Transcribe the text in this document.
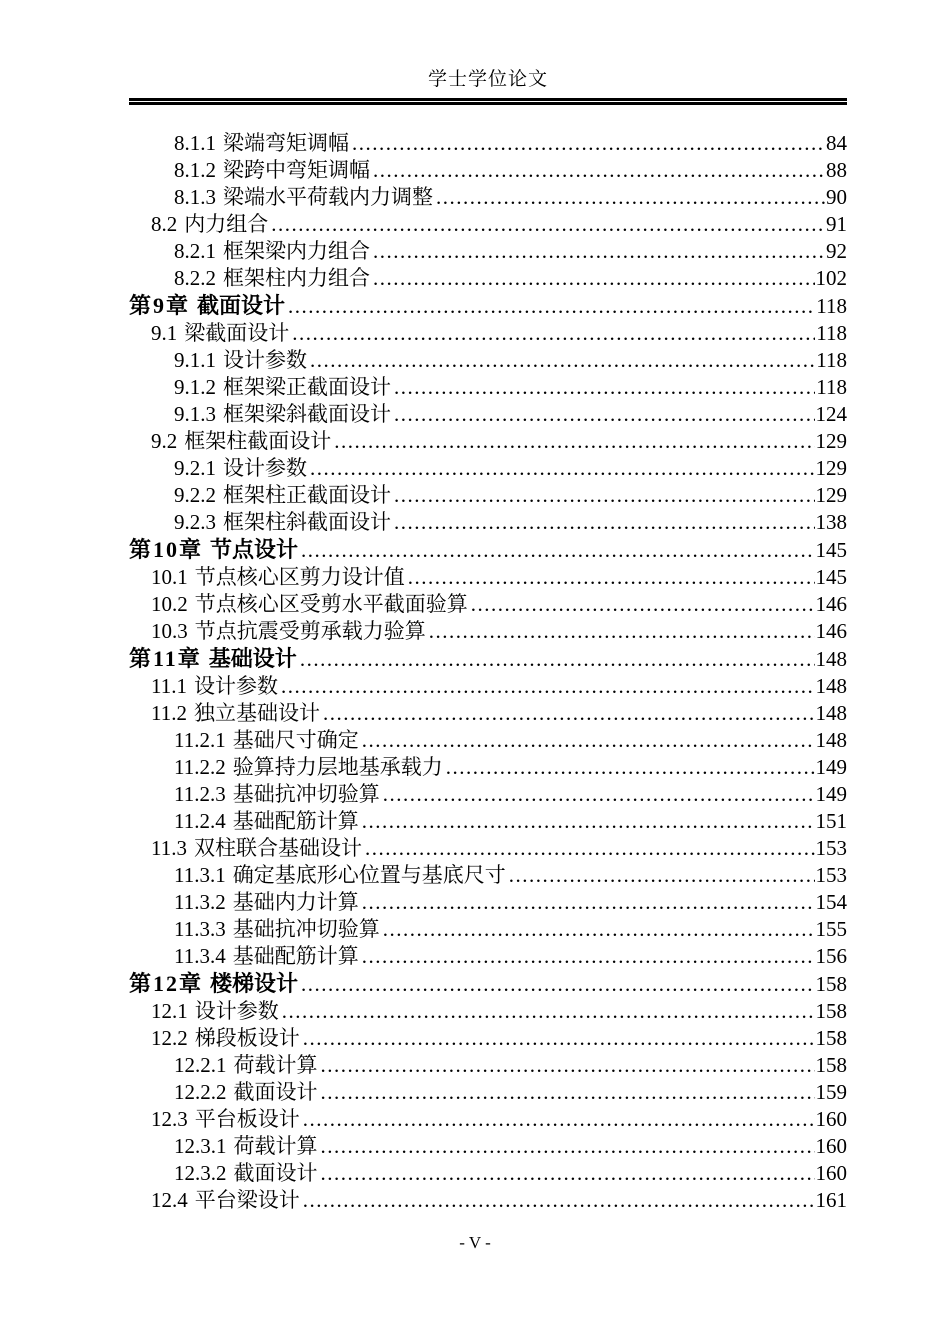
学士学位论文
8.1.1 梁端弯矩调幅 .....	84
8.1.2 梁跨中弯矩调幅 .....	88
8.1.3 梁端水平荷载内力调整 .....	90
8.2 内力组合 .....	91
8.2.1 框架梁内力组合 .....	92
8.2.2 框架柱内力组合 .....	102
第9章 截面设计 .....	118
9.1 梁截面设计 .....	118
9.1.1 设计参数 .....	118
9.1.2 框架梁正截面设计 .....	118
9.1.3 框架梁斜截面设计 .....	124
9.2 框架柱截面设计 .....	129
9.2.1 设计参数 .....	129
9.2.2 框架柱正截面设计 .....	129
9.2.3 框架柱斜截面设计 .....	138
第10章 节点设计 .....	145
10.1 节点核心区剪力设计值 .....	145
10.2 节点核心区受剪水平截面验算 .....	146
10.3 节点抗震受剪承载力验算 .....	146
第11章 基础设计 .....	148
11.1 设计参数 .....	148
11.2 独立基础设计 .....	148
11.2.1 基础尺寸确定 .....	148
11.2.2 验算持力层地基承载力 .....	149
11.2.3 基础抗冲切验算 .....	149
11.2.4 基础配筋计算 .....	151
11.3 双柱联合基础设计 .....	153
11.3.1 确定基底形心位置与基底尺寸 .....	153
11.3.2 基础内力计算 .....	154
11.3.3 基础抗冲切验算 .....	155
11.3.4 基础配筋计算 .....	156
第12章 楼梯设计 .....	158
12.1 设计参数 .....	158
12.2 梯段板设计 .....	158
12.2.1 荷载计算 .....	158
12.2.2 截面设计 .....	159
12.3 平台板设计 .....	160
12.3.1 荷载计算 .....	160
12.3.2 截面设计 .....	160
12.4 平台梁设计 .....	161
- V -
